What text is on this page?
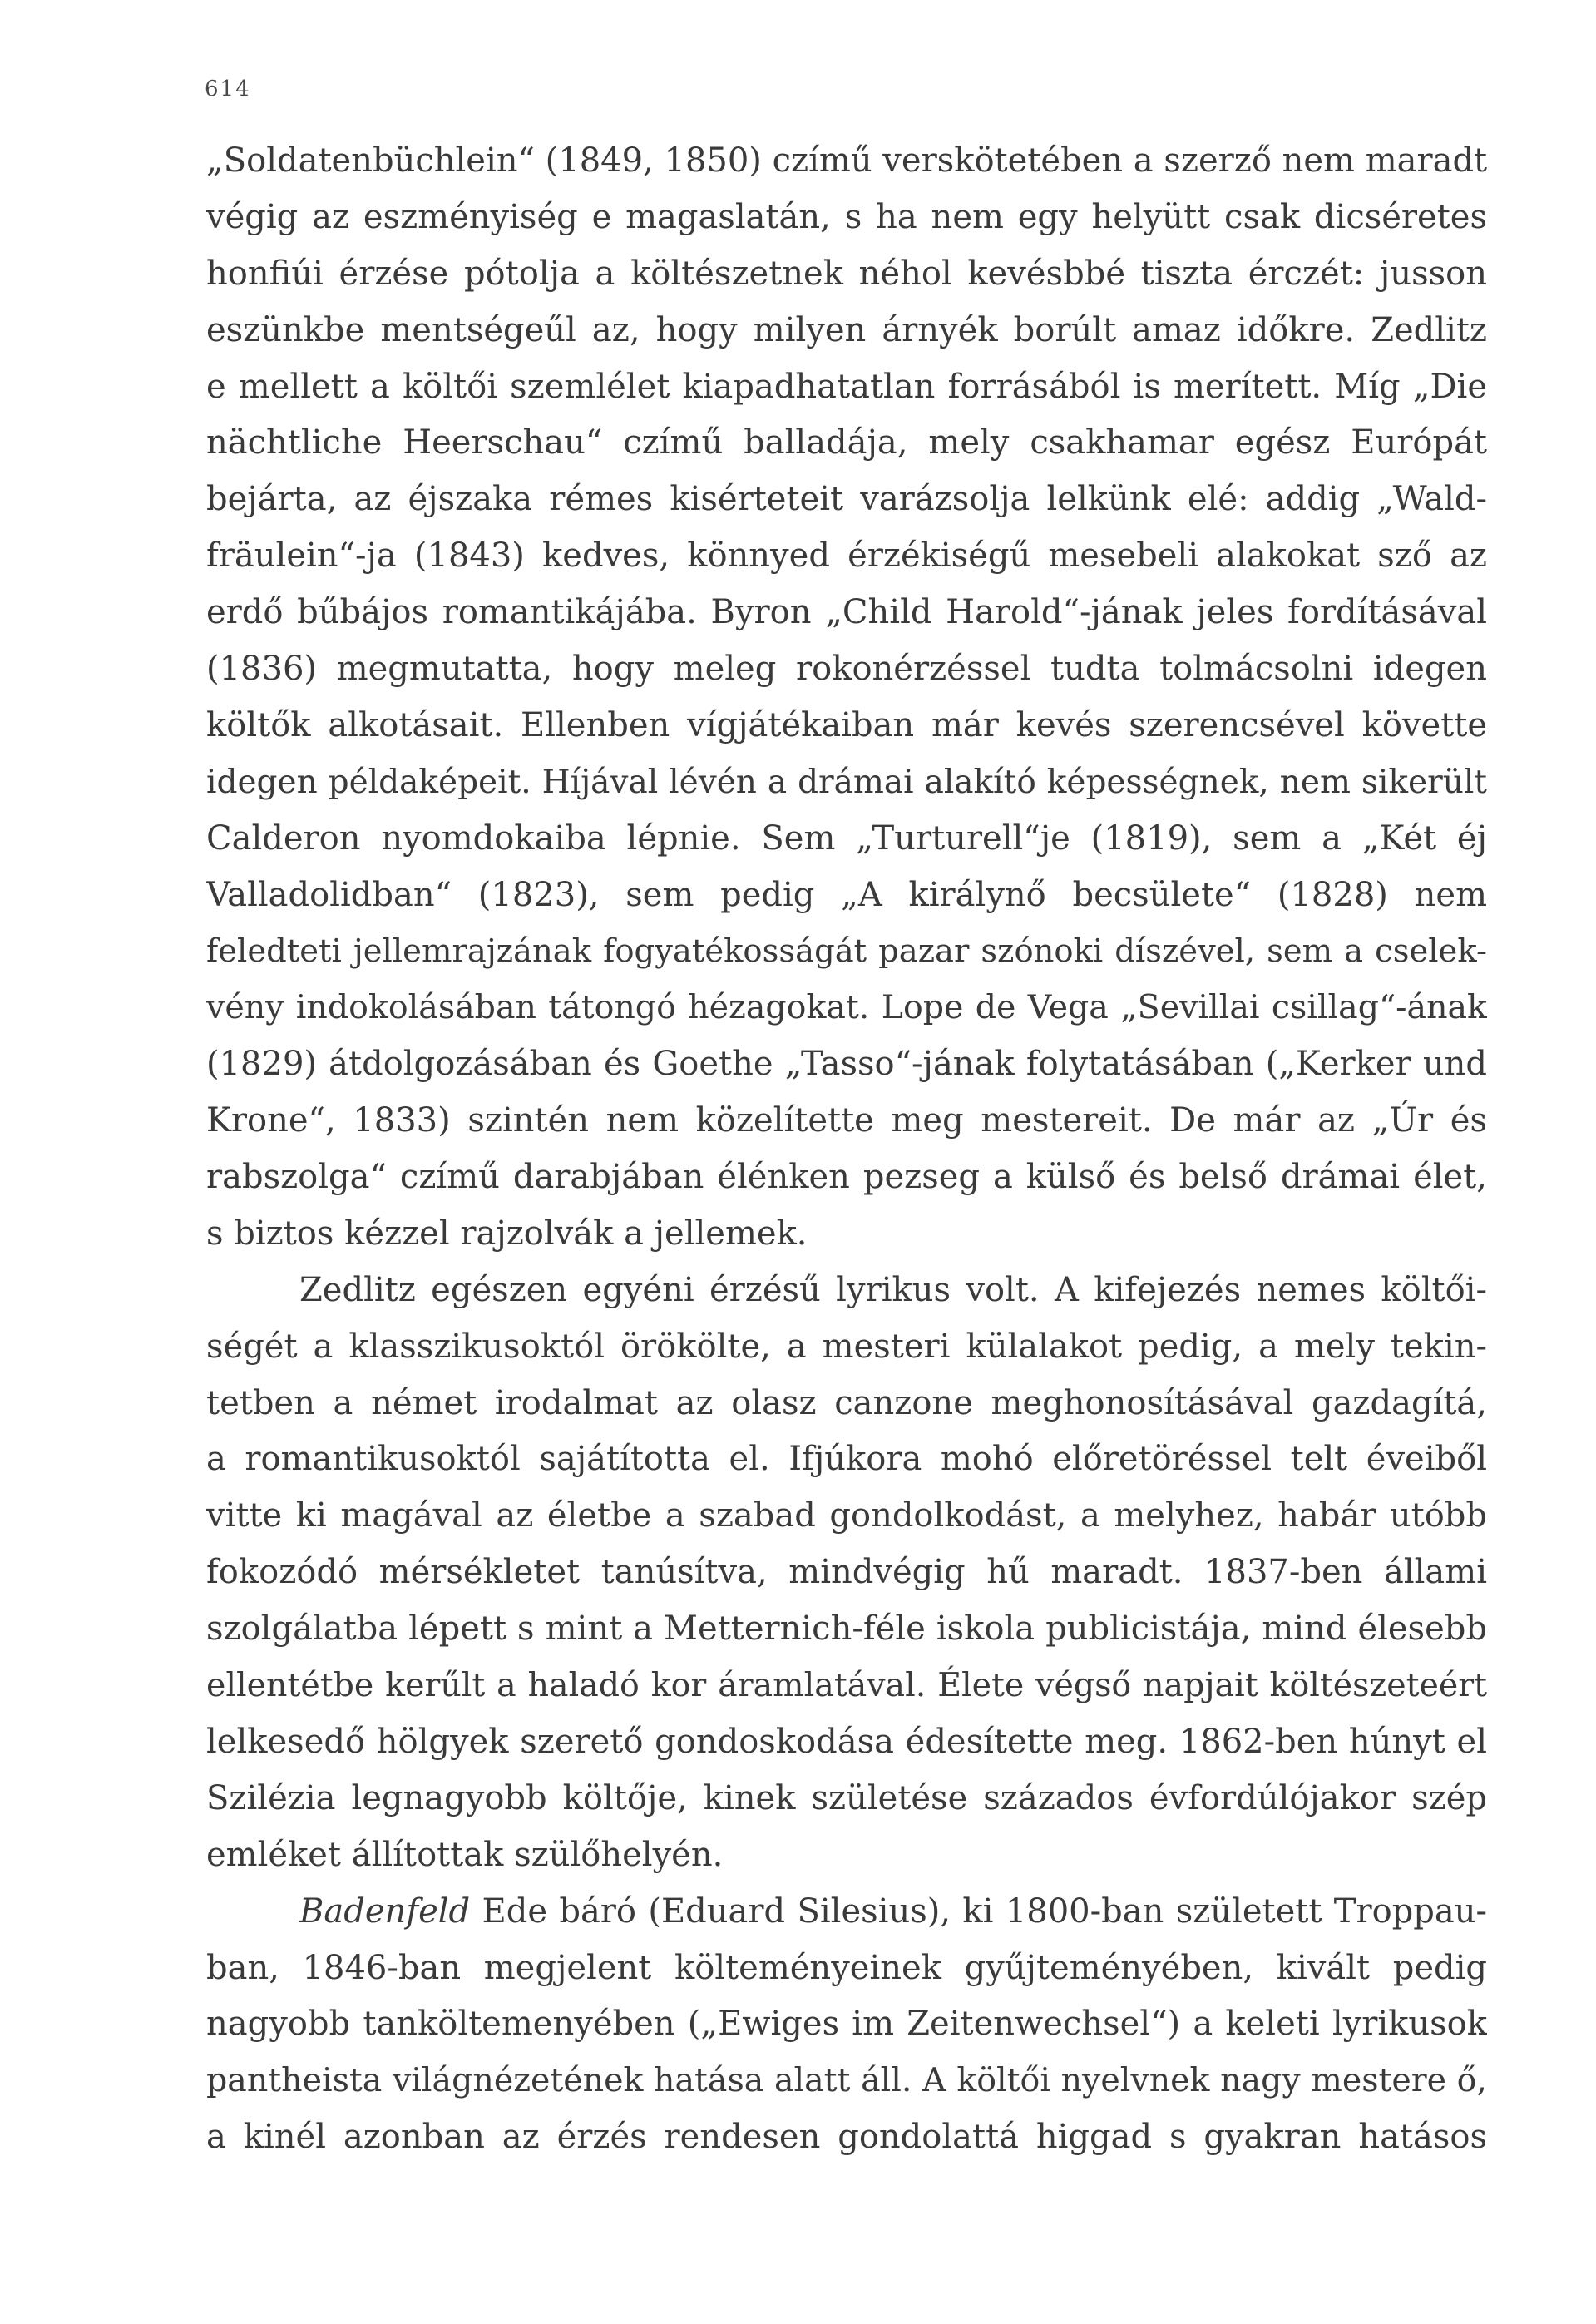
614
„Soldatenbüchlein“ (1849, 1850) czímű verskötetében a szerző nem maradt
végig az eszményiség e magaslatán, s ha nem egy helyütt csak dicséretes
honfiúi érzése pótolja a költészetnek néhol kevésbbé tiszta érczét: jusson
eszünkbe mentségeűl az, hogy milyen árnyék borúlt amaz időkre. Zedlitz
e mellett a költői szemlélet kiapadhatatlan forrásából is merített. Míg „Die
nächtliche Heerschau“ czímű balladája, mely csakhamar egész Európát
bejárta, az éjszaka rémes kisérteteit varázsolja lelkünk elé: addig „Wald-
fräulein“-ja (1843) kedves, könnyed érzékiségű mesebeli alakokat sző az
erdő bűbájos romantikájába. Byron „Child Harold“-jának jeles fordításával
(1836) megmutatta, hogy meleg rokonérzéssel tudta tolmácsolni idegen
költők alkotásait. Ellenben vígjátékaiban már kevés szerencsével követte
idegen példaképeit. Híjával lévén a drámai alakító képességnek, nem sikerült
Calderon nyomdokaiba lépnie. Sem „Turturell“je (1819), sem a „Két éj
Valladolidban“ (1823), sem pedig „A királynő becsülete“ (1828) nem
feledteti jellemrajzának fogyatékosságát pazar szónoki díszével, sem a cselek-
vény indokolásában tátongó hézagokat. Lope de Vega „Sevillai csillag“-ának
(1829) átdolgozásában és Goethe „Tasso“-jának folytatásában („Kerker und
Krone“, 1833) szintén nem közelítette meg mestereit. De már az „Úr és
rabszolga“ czímű darabjában élénken pezseg a külső és belső drámai élet,
s biztos kézzel rajzolvák a jellemek.
Zedlitz egészen egyéni érzésű lyrikus volt. A kifejezés nemes költői-
ségét a klasszikusoktól örökölte, a mesteri külalakot pedig, a mely tekin-
tetben a német irodalmat az olasz canzone meghonosításával gazdagítá,
a romantikusoktól sajátította el. Ifjúkora mohó előretöréssel telt éveiből
vitte ki magával az életbe a szabad gondolkodást, a melyhez, habár utóbb
fokozódó mérsékletet tanúsítva, mindvégig hű maradt. 1837-ben állami
szolgálatba lépett s mint a Metternich-féle iskola publicistája, mind élesebb
ellentétbe kerűlt a haladó kor áramlatával. Élete végső napjait költészeteért
lelkesedő hölgyek szerető gondoskodása édesítette meg. 1862-ben húnyt el
Szilézia legnagyobb költője, kinek születése százados évfordúlójakor szép
emléket állítottak szülőhelyén.
Badenfeld Ede báró (Eduard Silesius), ki 1800-ban született Troppau-
ban, 1846-ban megjelent költeményeinek gyűjteményében, kivált pedig
nagyobb tanköltemenyében („Ewiges im Zeitenwechsel“) a keleti lyrikusok
pantheista világnézetének hatása alatt áll. A költői nyelvnek nagy mestere ő,
a kinél azonban az érzés rendesen gondolattá higgad s gyakran hatásos
